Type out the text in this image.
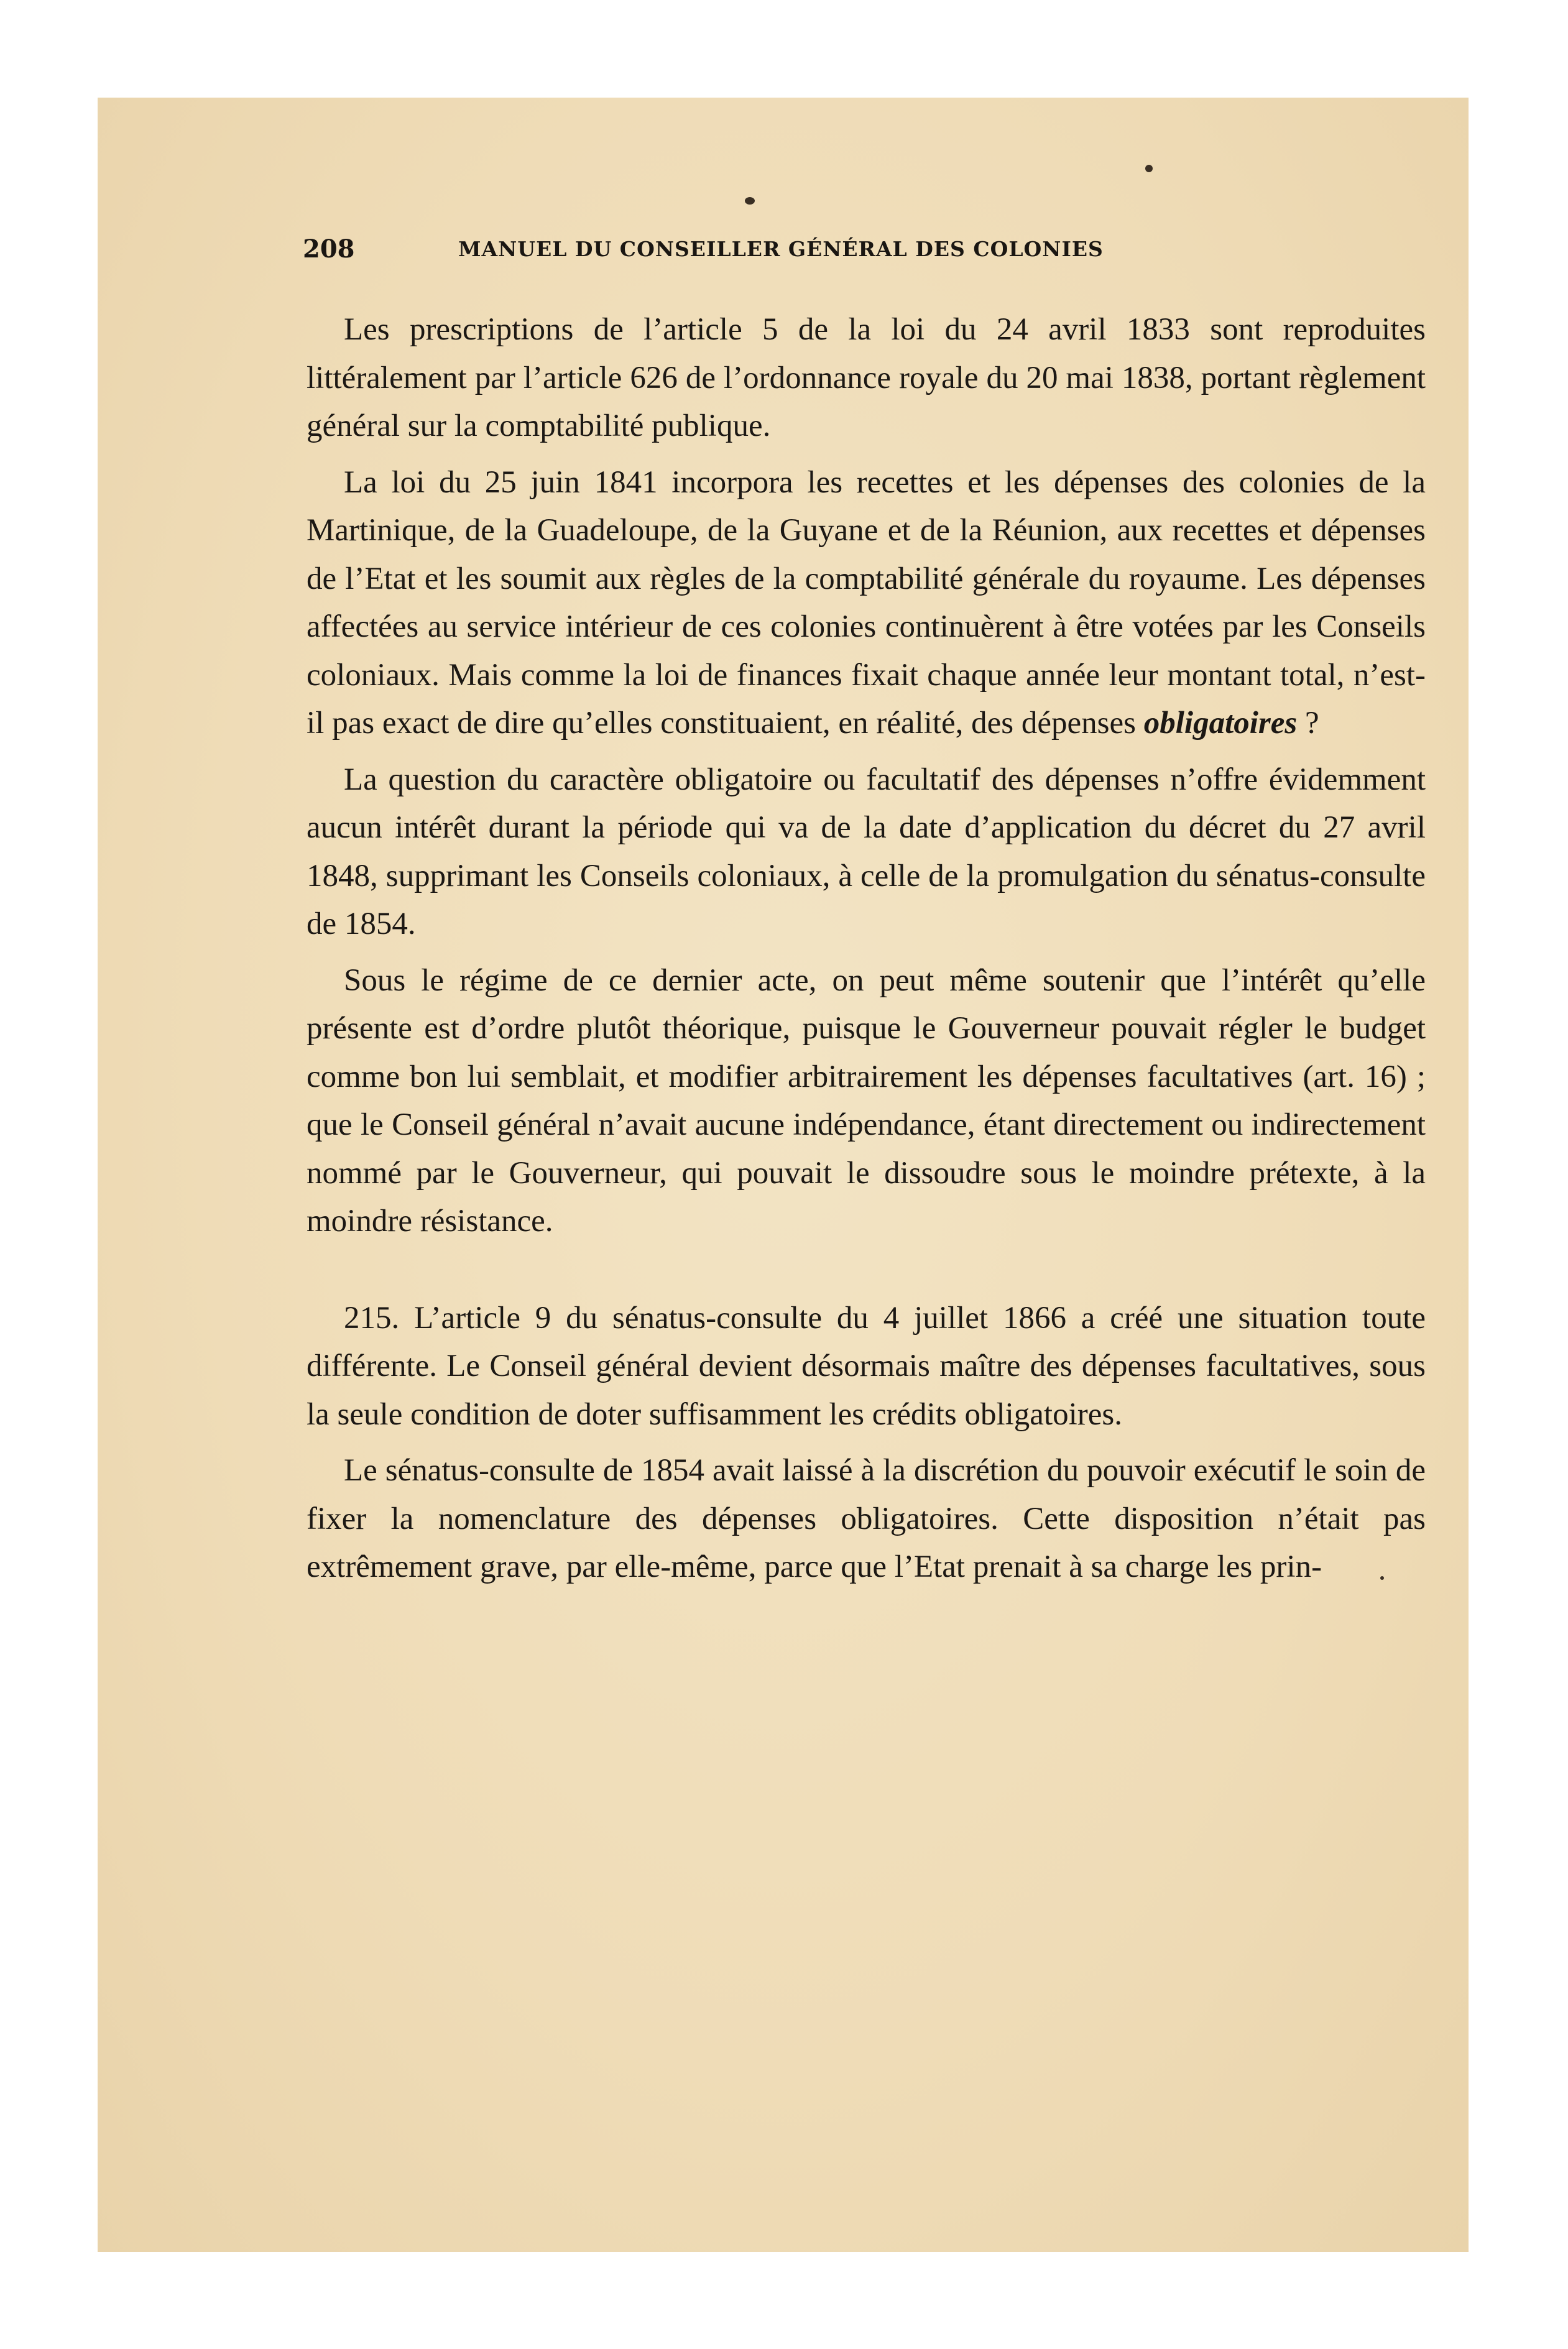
208	MANUEL DU CONSEILLER GÉNÉRAL DES COLONIES

Les prescriptions de l’article 5 de la loi du 24 avril 1833 sont reproduites littéralement par l’article 626 de l’ordonnance royale du 20 mai 1838, portant règlement général sur la comptabilité publique.

La loi du 25 juin 1841 incorpora les recettes et les dépenses des colonies de la Martinique, de la Guadeloupe, de la Guyane et de la Réunion, aux recettes et dépenses de l’Etat et les soumit aux règles de la comptabilité générale du royaume. Les dépenses affectées au service intérieur de ces colonies continuèrent à être votées par les Conseils coloniaux. Mais comme la loi de finances fixait chaque année leur montant total, n’est-il pas exact de dire qu’elles constituaient, en réalité, des dépenses obligatoires ?

La question du caractère obligatoire ou facultatif des dépenses n’offre évidemment aucun intérêt durant la période qui va de la date d’application du décret du 27 avril 1848, supprimant les Conseils coloniaux, à celle de la promulgation du sénatus-consulte de 1854.

Sous le régime de ce dernier acte, on peut même soutenir que l’intérêt qu’elle présente est d’ordre plutôt théorique, puisque le Gouverneur pouvait régler le budget comme bon lui semblait, et modifier arbitrairement les dépenses facultatives (art. 16) ; que le Conseil général n’avait aucune indépendance, étant directement ou indirectement nommé par le Gouverneur, qui pouvait le dissoudre sous le moindre prétexte, à la moindre résistance.

215. L’article 9 du sénatus-consulte du 4 juillet 1866 a créé une situation toute différente. Le Conseil général devient désormais maître des dépenses facultatives, sous la seule condition de doter suffisamment les crédits obligatoires.

Le sénatus-consulte de 1854 avait laissé à la discrétion du pouvoir exécutif le soin de fixer la nomenclature des dépenses obligatoires. Cette disposition n’était pas extrêmement grave, par elle-même, parce que l’Etat prenait à sa charge les prin-
